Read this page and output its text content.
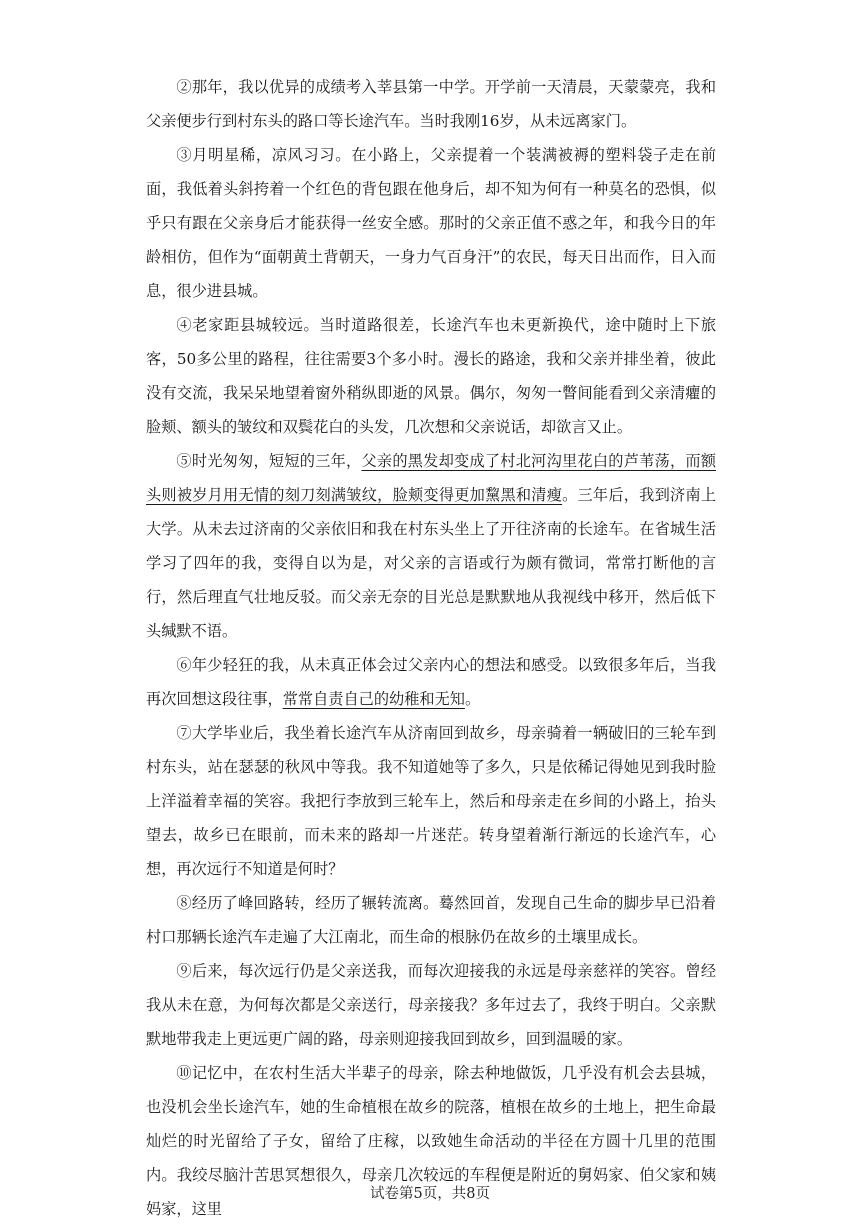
②那年，我以优异的成绩考入莘县第一中学。开学前一天清晨，天蒙蒙亮，我和父亲便步行到村东头的路口等长途汽车。当时我刚16岁，从未远离家门。

③月明星稀，凉风习习。在小路上，父亲提着一个装满被褥的塑料袋子走在前面，我低着头斜挎着一个红色的背包跟在他身后，却不知为何有一种莫名的恐惧，似乎只有跟在父亲身后才能获得一丝安全感。那时的父亲正值不惑之年，和我今日的年龄相仿，但作为“面朝黄土背朝天，一身力气百身汗”的农民，每天日出而作，日入而息，很少进县城。

④老家距县城较远。当时道路很差，长途汽车也未更新换代，途中随时上下旅客，50多公里的路程，往往需要3个多小时。漫长的路途，我和父亲并排坐着，彼此没有交流，我呆呆地望着窗外稍纵即逝的风景。偶尔，匆匆一瞥间能看到父亲清癯的脸颊、额头的皱纹和双鬓花白的头发，几次想和父亲说话，却欲言又止。

⑤时光匆匆，短短的三年，父亲的黑发却变成了村北河沟里花白的芦苇荡，而额头则被岁月用无情的刻刀刻满皱纹，脸颊变得更加黧黑和清瘦。三年后，我到济南上大学。从未去过济南的父亲依旧和我在村东头坐上了开往济南的长途车。在省城生活学习了四年的我，变得自以为是，对父亲的言语或行为颇有微词，常常打断他的言行，然后理直气壮地反驳。而父亲无奈的目光总是默默地从我视线中移开，然后低下头缄默不语。

⑥年少轻狂的我，从未真正体会过父亲内心的想法和感受。以致很多年后，当我再次回想这段往事，常常自责自己的幼稚和无知。

⑦大学毕业后，我坐着长途汽车从济南回到故乡，母亲骑着一辆破旧的三轮车到村东头，站在瑟瑟的秋风中等我。我不知道她等了多久，只是依稀记得她见到我时脸上洋溢着幸福的笑容。我把行李放到三轮车上，然后和母亲走在乡间的小路上，抬头望去，故乡已在眼前，而未来的路却一片迷茫。转身望着渐行渐远的长途汽车，心想，再次远行不知道是何时？

⑧经历了峰回路转，经历了辗转流离。蓦然回首，发现自己生命的脚步早已沿着村口那辆长途汽车走遍了大江南北，而生命的根脉仍在故乡的土壤里成长。

⑨后来，每次远行仍是父亲送我，而每次迎接我的永远是母亲慈祥的笑容。曾经我从未在意，为何每次都是父亲送行，母亲接我？多年过去了，我终于明白。父亲默默地带我走上更远更广阔的路，母亲则迎接我回到故乡，回到温暖的家。

⑩记忆中，在农村生活大半辈子的母亲，除去种地做饭，几乎没有机会去县城，也没机会坐长途汽车，她的生命植根在故乡的院落，植根在故乡的土地上，把生命最灿烂的时光留给了子女，留给了庄稼，以致她生命活动的半径在方圆十几里的范围内。我绞尽脑汁苦思冥想很久，母亲几次较远的车程便是附近的舅妈家、伯父家和姨妈家，这里

试卷第5页，共8页
